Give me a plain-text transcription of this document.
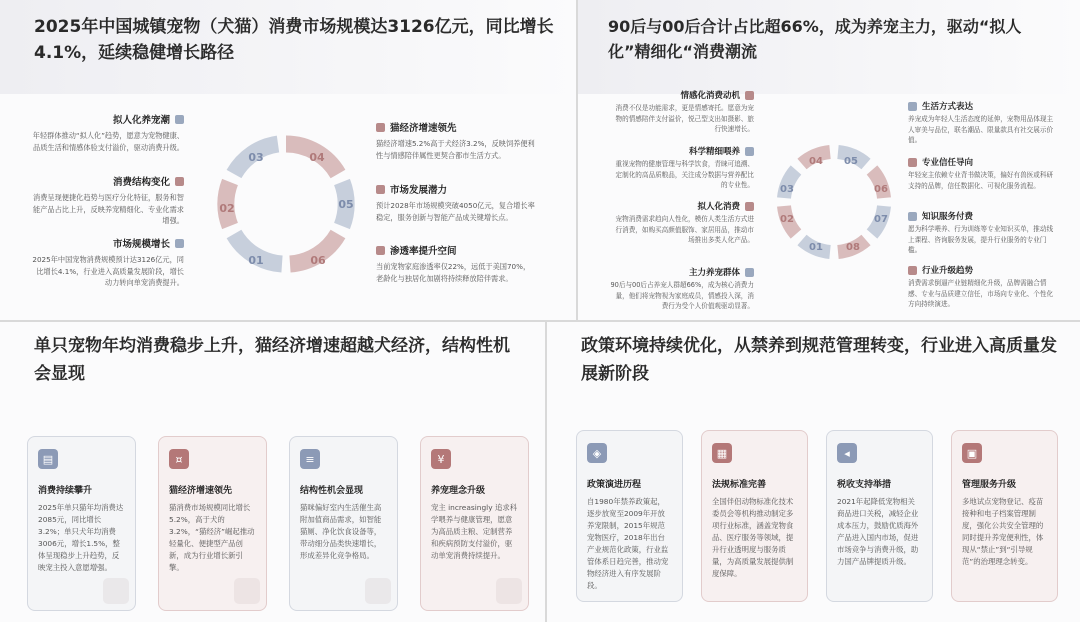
2025年中国城镇宠物（犬猫）消费市场规模达3126亿元，同比增长4.1%，延续稳健增长路径
拟人化养宠潮
年轻群体推动“拟人化”趋势，愿意为宠物健康、品质生活和情感体验支付溢价，驱动消费升级。
消费结构变化
消费呈现便捷化趋势与医疗分化特征，服务和智能产品占比上升，反映养宠精细化、专业化需求增强。
市场规模增长
2025年中国宠物消费规模预计达3126亿元，同比增长4.1%，行业进入高质量发展阶段，增长动力转向单宠消费提升。
04
05
06
01
02
03
猫经济增速领先
猫经济增速5.2%高于犬经济3.2%，反映饲养便利性与情感陪伴属性更契合都市生活方式。
市场发展潜力
预计2028年市场规模突破4050亿元，复合增长率稳定，服务创新与智能产品成关键增长点。
渗透率提升空间
当前宠物家庭渗透率仅22%，远低于美国70%，老龄化与独居化加剧将持续释放陪伴需求。
90后与00后合计占比超66%，成为养宠主力，驱动“拟人化”精细化“消费潮流
情感化消费动机
消费不仅是功能需求，更是情感寄托。愿意为宠物的情感陪伴支付溢价，悦己型支出如摄影、旅行快速增长。
科学精细喂养
重视宠物的健康管理与科学饮食，青睐可追溯、定制化的高品质粮品，关注成分数据与营养配比的专业性。
拟人化消费
宠物消费需求趋向人性化，模仿人类生活方式进行消费，如购买高颜值服饰、家居用品，推动市场推出多类人化产品。
主力养宠群体
90后与00后占养宠人群超66%，成为核心消费力量，他们将宠物视为家庭成员，情感投入深，消费行为受个人价值观驱动显著。
05
06
07
08
01
02
03
04
生活方式表达
养宠成为年轻人生活态度的延伸，宠物用品体现主人审美与品位，联名潮品、限量款具有社交展示价值。
专业信任导向
年轻宠主依赖专业背书做决策，偏好有兽医或科研支持的品牌，信任数据化、可视化服务流程。
知识服务付费
愿为科学喂养、行为训练等专业知识买单，推动线上课程、咨询服务发展，提升行业服务的专业门槛。
行业升级趋势
消费需求倒逼产业链精细化升级，品牌需融合情感、专业与品质建立信任，市场向专业化、个性化方向持续演进。
单只宠物年均消费稳步上升，猫经济增速超越犬经济，结构性机会显现
▤
消费持续攀升
2025年单只猫年均消费达2085元，同比增长3.2%；单只犬年均消费3006元，增长1.5%，整体呈现稳步上升趋势，反映宠主投入意愿增强。
¤
猫经济增速领先
猫消费市场规模同比增长5.2%，高于犬的3.2%，“猫经济”崛起推动轻量化、便捷型产品创新，成为行业增长新引擎。
≡
结构性机会显现
猫咪偏好室内生活催生高附加值商品需求，如智能猫厕、净化饮食设备等，带动细分品类快速增长，形成差异化竞争格局。
¥
养宠理念升级
宠主 increasingly 追求科学喂养与健康管理，愿意为高品质主粮、定制营养和疾病预防支付溢价，驱动单宠消费持续提升。
政策环境持续优化，从禁养到规范管理转变，行业进入高质量发展新阶段
◈
政策演进历程
自1980年禁养政策起，逐步放宽至2009年开放养宠限制，2015年规范宠物医疗，2018年出台产业规范化政策，行业监管体系日趋完善，推动宠物经济进入有序发展阶段。
▦
法规标准完善
全国伴侣动物标准化技术委员会等机构推动制定多项行业标准，涵盖宠物食品、医疗服务等领域，提升行业透明度与服务质量，为高质量发展提供制度保障。
◂
税收支持举措
2021年起降低宠物相关商品进口关税，减轻企业成本压力，鼓励优质海外产品进入国内市场，促进市场竞争与消费升级，助力国产品牌提质升级。
▣
管理服务升级
多地试点宠物登记、疫苗接种和电子档案管理制度，强化公共安全管理的同时提升养宠便利性，体现从“禁止”到“引导规范”的治理理念转变。
